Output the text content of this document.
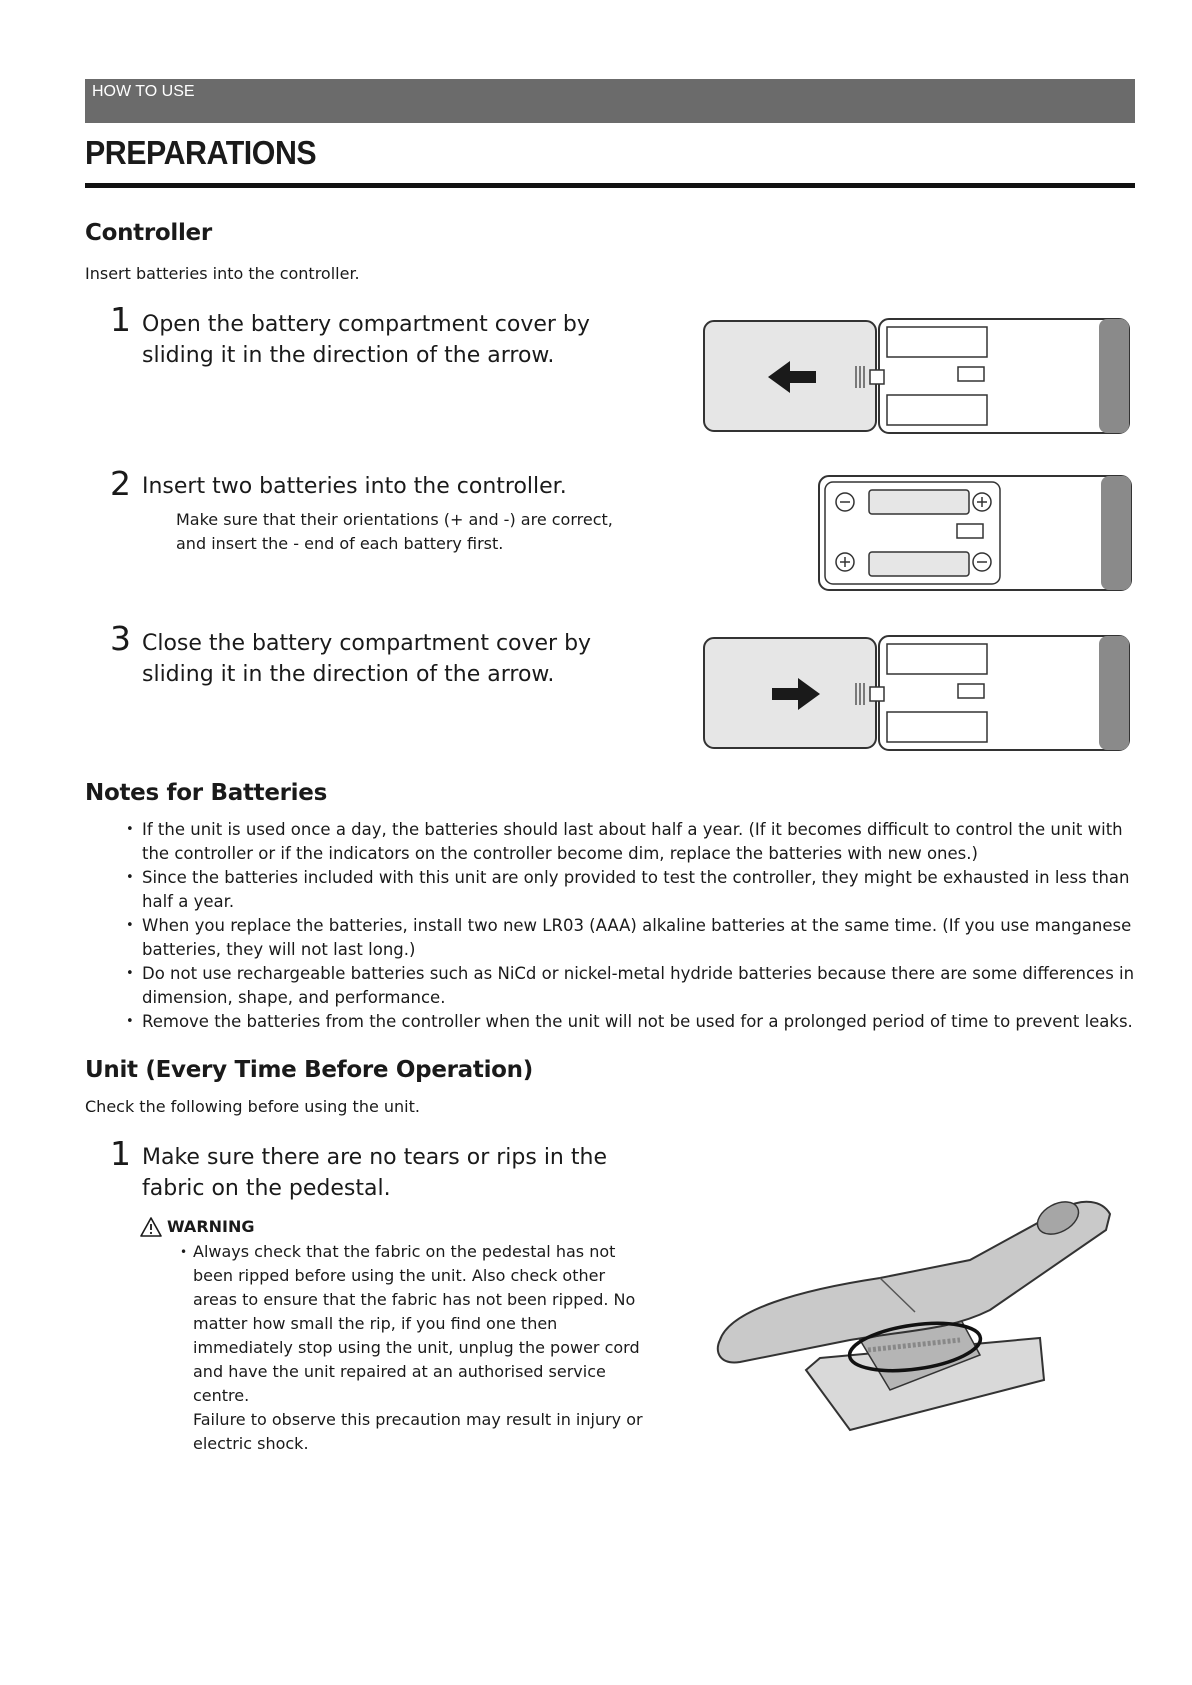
HOW TO USE
PREPARATIONS
Controller
Insert batteries into the controller.
1 Open the battery compartment cover by
sliding it in the direction of the arrow.
2 Insert two batteries into the controller.
Make sure that their orientations (+ and -) are correct,
and insert the - end of each battery first.
3 Close the battery compartment cover by
sliding it in the direction of the arrow.
Notes for Batteries
• If the unit is used once a day, the batteries should last about half a year. (If it becomes difficult to control the unit with the controller or if the indicators on the controller become dim, replace the batteries with new ones.)
• Since the batteries included with this unit are only provided to test the controller, they might be exhausted in less than half a year.
• When you replace the batteries, install two new LR03 (AAA) alkaline batteries at the same time. (If you use manganese batteries, they will not last long.)
• Do not use rechargeable batteries such as NiCd or nickel-metal hydride batteries because there are some differences in dimension, shape, and performance.
• Remove the batteries from the controller when the unit will not be used for a prolonged period of time to prevent leaks.
Unit (Every Time Before Operation)
Check the following before using the unit.
1 Make sure there are no tears or rips in the
fabric on the pedestal.
WARNING
• Always check that the fabric on the pedestal has not been ripped before using the unit. Also check other areas to ensure that the fabric has not been ripped. No matter how small the rip, if you find one then immediately stop using the unit, unplug the power cord and have the unit repaired at an authorised service centre.
Failure to observe this precaution may result in injury or electric shock.
